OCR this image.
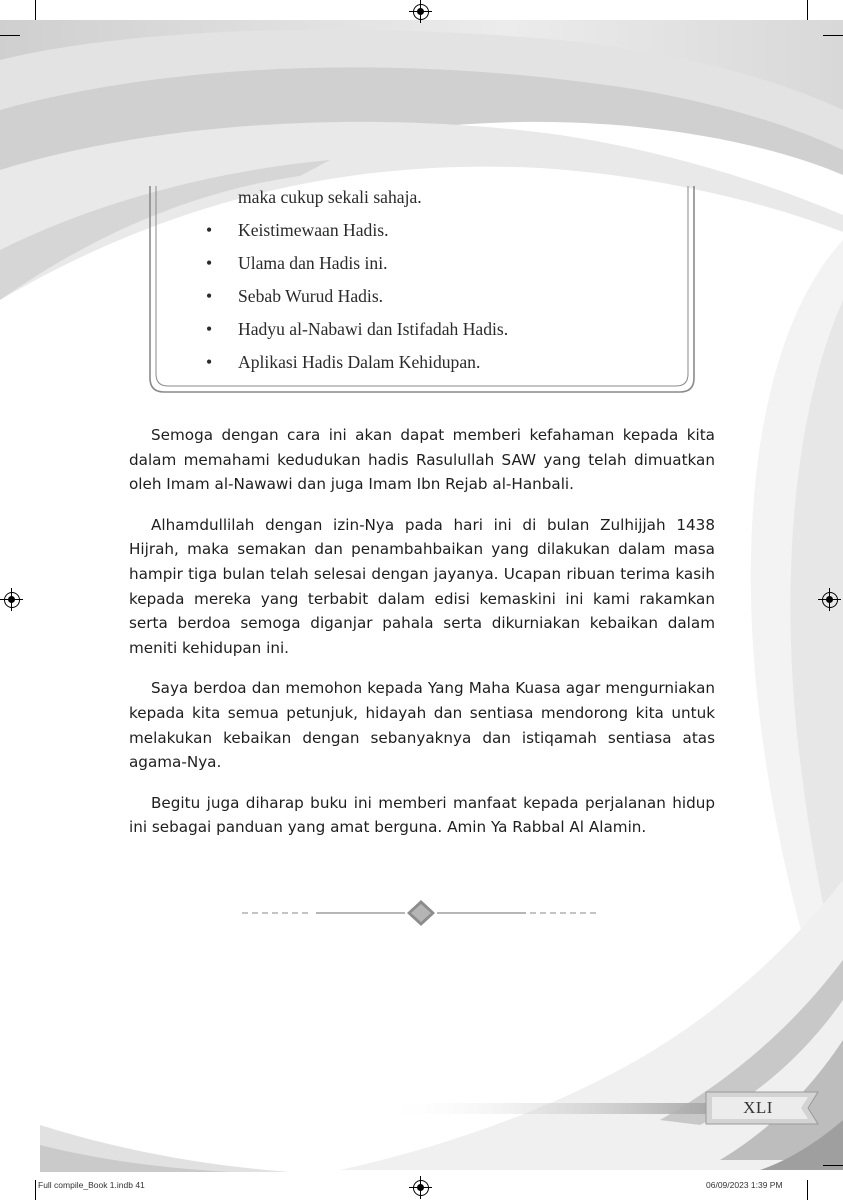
maka cukup sekali sahaja.
• Keistimewaan Hadis.
• Ulama dan Hadis ini.
• Sebab Wurud Hadis.
• Hadyu al-Nabawi dan Istifadah Hadis.
• Aplikasi Hadis Dalam Kehidupan.

Semoga dengan cara ini akan dapat memberi kefahaman kepada kita dalam memahami kedudukan hadis Rasulullah SAW yang telah dimuatkan oleh Imam al-Nawawi dan juga Imam Ibn Rejab al-Hanbali.

Alhamdullilah dengan izin-Nya pada hari ini di bulan Zulhijjah 1438 Hijrah, maka semakan dan penambahbaikan yang dilakukan dalam masa hampir tiga bulan telah selesai dengan jayanya. Ucapan ribuan terima kasih kepada mereka yang terbabit dalam edisi kemaskini ini kami rakamkan serta berdoa semoga diganjar pahala serta dikurniakan kebaikan dalam meniti kehidupan ini.

Saya berdoa dan memohon kepada Yang Maha Kuasa agar mengurniakan kepada kita semua petunjuk, hidayah dan sentiasa mendorong kita untuk melakukan kebaikan dengan sebanyaknya dan istiqamah sentiasa atas agama-Nya.

Begitu juga diharap buku ini memberi manfaat kepada perjalanan hidup ini sebagai panduan yang amat berguna. Amin Ya Rabbal Al Alamin.

XLI
Full compile_Book 1.indb 41	06/09/2023 1:39 PM
